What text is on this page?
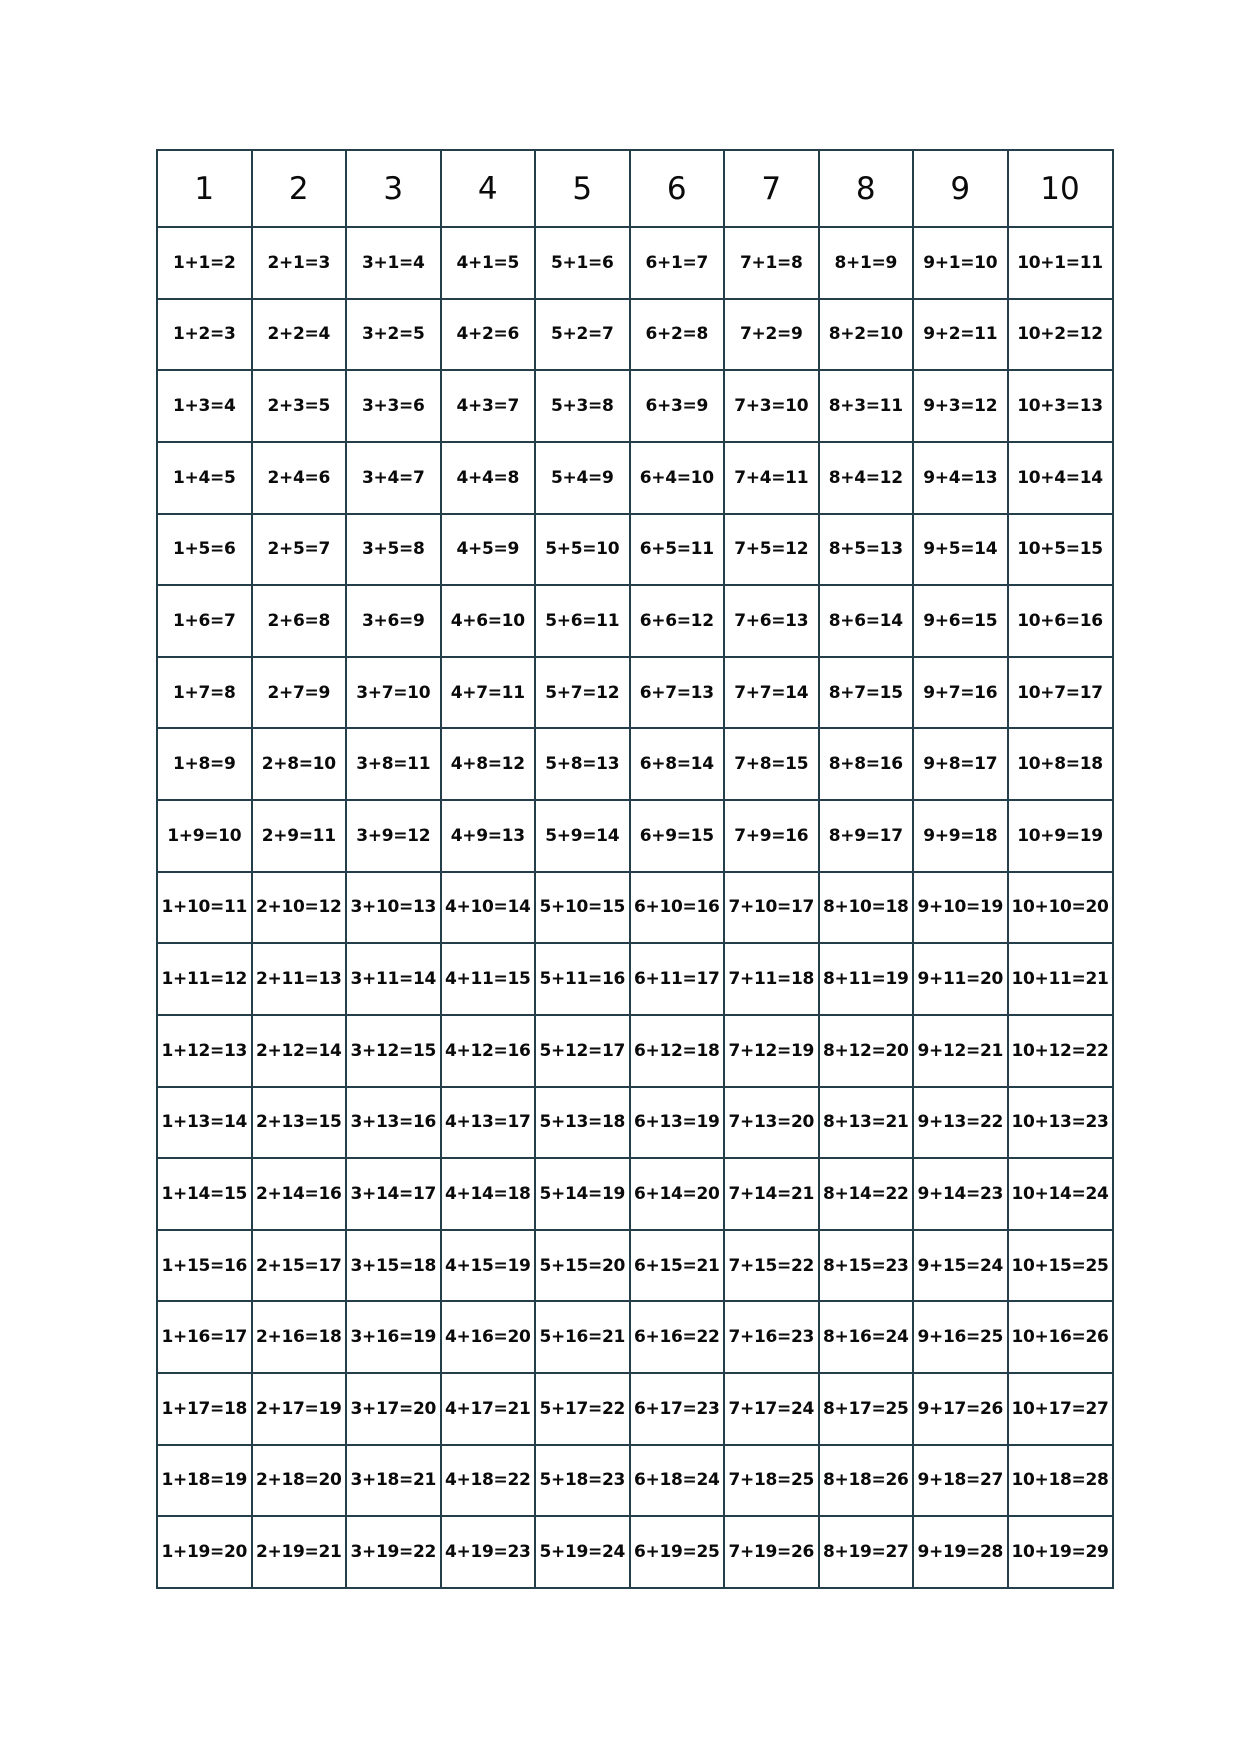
1	2	3	4	5	6	7	8	9	10
1+1=2	2+1=3	3+1=4	4+1=5	5+1=6	6+1=7	7+1=8	8+1=9	9+1=10	10+1=11
1+2=3	2+2=4	3+2=5	4+2=6	5+2=7	6+2=8	7+2=9	8+2=10	9+2=11	10+2=12
1+3=4	2+3=5	3+3=6	4+3=7	5+3=8	6+3=9	7+3=10	8+3=11	9+3=12	10+3=13
1+4=5	2+4=6	3+4=7	4+4=8	5+4=9	6+4=10	7+4=11	8+4=12	9+4=13	10+4=14
1+5=6	2+5=7	3+5=8	4+5=9	5+5=10	6+5=11	7+5=12	8+5=13	9+5=14	10+5=15
1+6=7	2+6=8	3+6=9	4+6=10	5+6=11	6+6=12	7+6=13	8+6=14	9+6=15	10+6=16
1+7=8	2+7=9	3+7=10	4+7=11	5+7=12	6+7=13	7+7=14	8+7=15	9+7=16	10+7=17
1+8=9	2+8=10	3+8=11	4+8=12	5+8=13	6+8=14	7+8=15	8+8=16	9+8=17	10+8=18
1+9=10	2+9=11	3+9=12	4+9=13	5+9=14	6+9=15	7+9=16	8+9=17	9+9=18	10+9=19
1+10=11	2+10=12	3+10=13	4+10=14	5+10=15	6+10=16	7+10=17	8+10=18	9+10=19	10+10=20
1+11=12	2+11=13	3+11=14	4+11=15	5+11=16	6+11=17	7+11=18	8+11=19	9+11=20	10+11=21
1+12=13	2+12=14	3+12=15	4+12=16	5+12=17	6+12=18	7+12=19	8+12=20	9+12=21	10+12=22
1+13=14	2+13=15	3+13=16	4+13=17	5+13=18	6+13=19	7+13=20	8+13=21	9+13=22	10+13=23
1+14=15	2+14=16	3+14=17	4+14=18	5+14=19	6+14=20	7+14=21	8+14=22	9+14=23	10+14=24
1+15=16	2+15=17	3+15=18	4+15=19	5+15=20	6+15=21	7+15=22	8+15=23	9+15=24	10+15=25
1+16=17	2+16=18	3+16=19	4+16=20	5+16=21	6+16=22	7+16=23	8+16=24	9+16=25	10+16=26
1+17=18	2+17=19	3+17=20	4+17=21	5+17=22	6+17=23	7+17=24	8+17=25	9+17=26	10+17=27
1+18=19	2+18=20	3+18=21	4+18=22	5+18=23	6+18=24	7+18=25	8+18=26	9+18=27	10+18=28
1+19=20	2+19=21	3+19=22	4+19=23	5+19=24	6+19=25	7+19=26	8+19=27	9+19=28	10+19=29
